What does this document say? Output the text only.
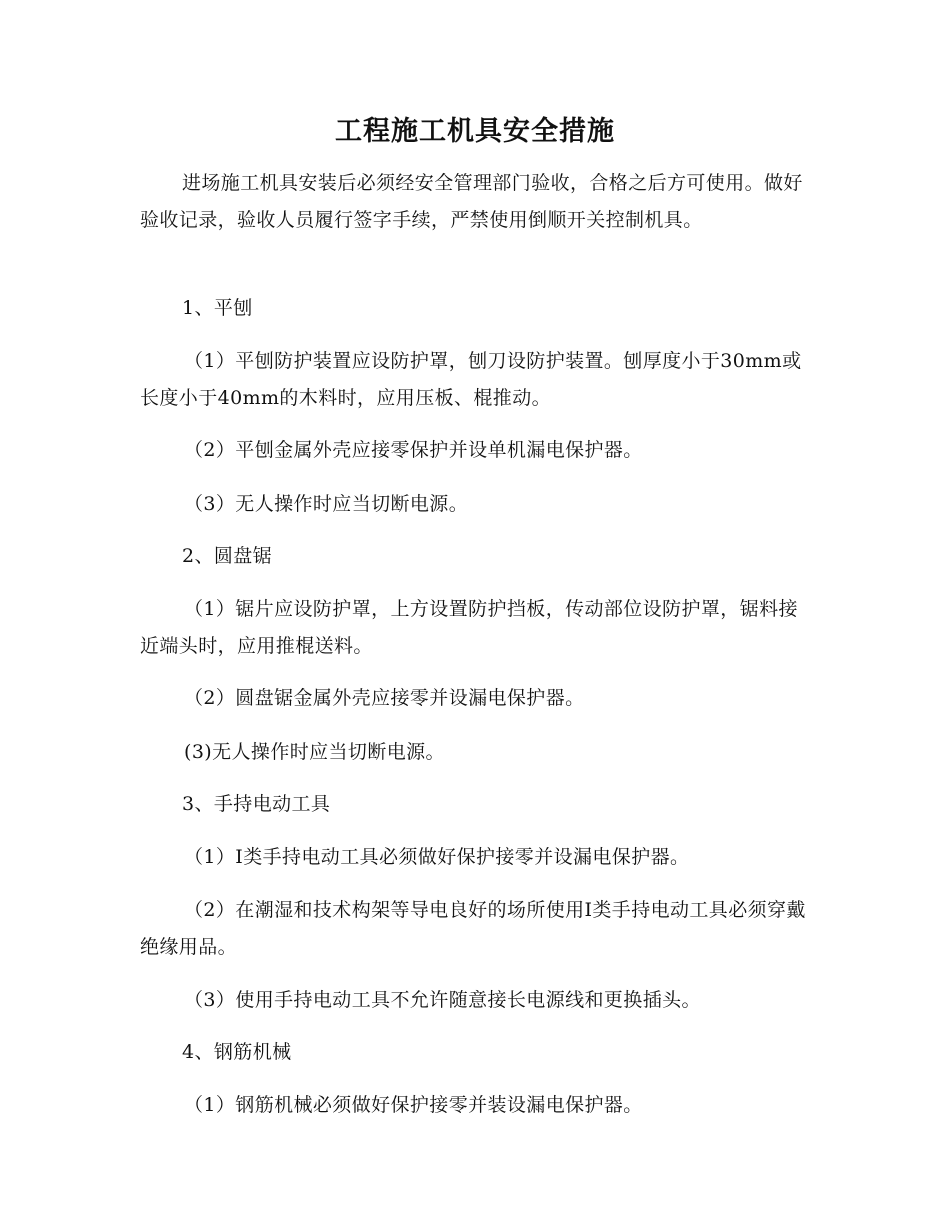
工程施工机具安全措施
进场施工机具安装后必须经安全管理部门验收，合格之后方可使用。做好验收记录，验收人员履行签字手续，严禁使用倒顺开关控制机具。
1、平刨
（1）平刨防护装置应设防护罩，刨刀设防护装置。刨厚度小于30mm或长度小于40mm的木料时，应用压板、棍推动。
（2）平刨金属外壳应接零保护并设单机漏电保护器。
（3）无人操作时应当切断电源。
2、圆盘锯
（1）锯片应设防护罩，上方设置防护挡板，传动部位设防护罩，锯料接近端头时，应用推棍送料。
（2）圆盘锯金属外壳应接零并设漏电保护器。
(3)无人操作时应当切断电源。
3、手持电动工具
（1）I类手持电动工具必须做好保护接零并设漏电保护器。
（2）在潮湿和技术构架等导电良好的场所使用I类手持电动工具必须穿戴绝缘用品。
（3）使用手持电动工具不允许随意接长电源线和更换插头。
4、钢筋机械
（1）钢筋机械必须做好保护接零并装设漏电保护器。
